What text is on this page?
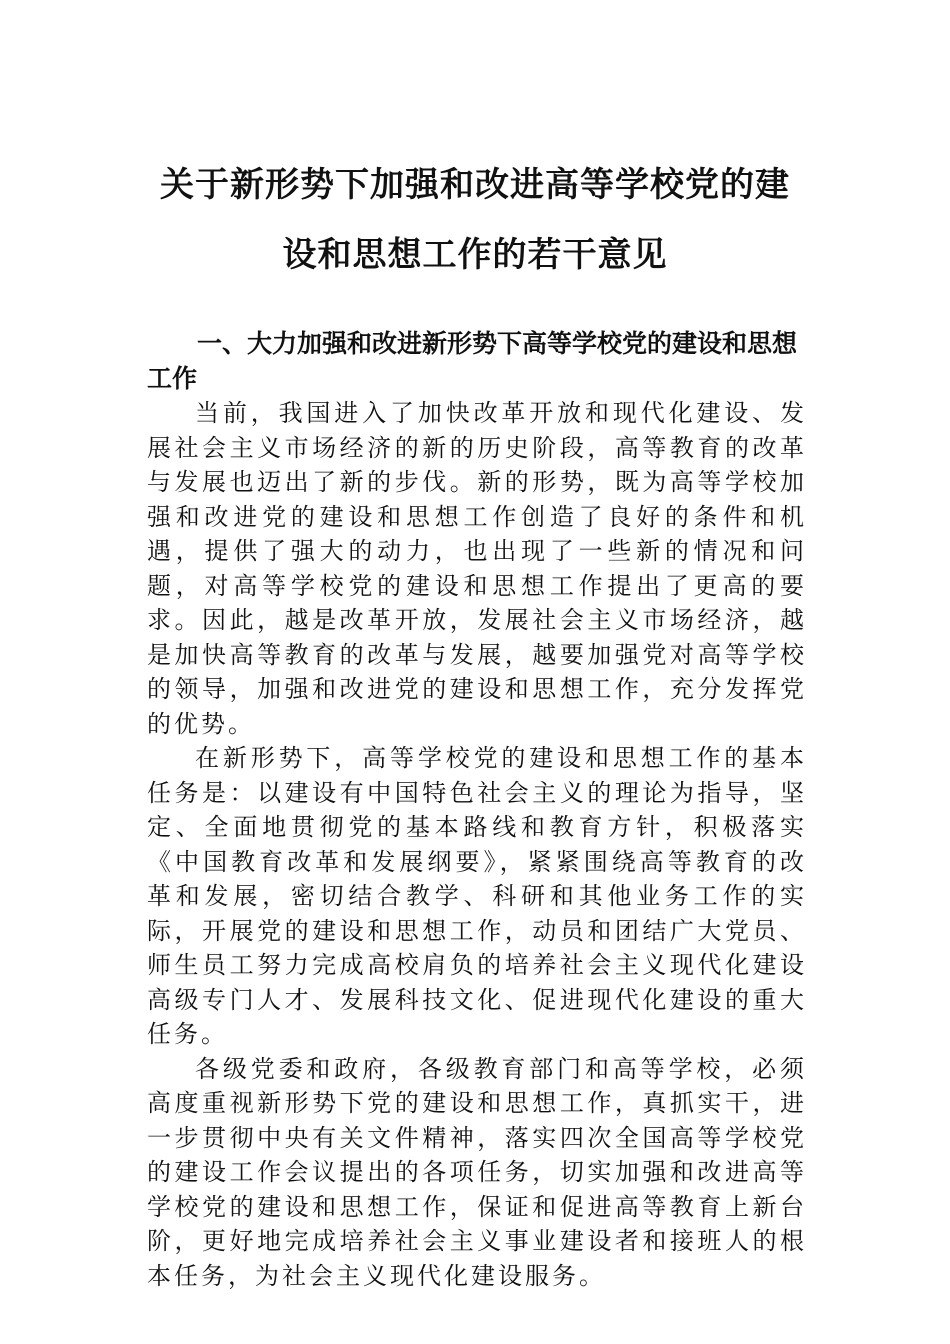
关于新形势下加强和改进高等学校党的建
设和思想工作的若干意见
一、大力加强和改进新形势下高等学校党的建设和思想工作

当前，我国进入了加快改革开放和现代化建设、发展社会主义市场经济的新的历史阶段，高等教育的改革与发展也迈出了新的步伐。新的形势，既为高等学校加强和改进党的建设和思想工作创造了良好的条件和机遇，提供了强大的动力，也出现了一些新的情况和问题，对高等学校党的建设和思想工作提出了更高的要求。因此，越是改革开放，发展社会主义市场经济，越是加快高等教育的改革与发展，越要加强党对高等学校的领导，加强和改进党的建设和思想工作，充分发挥党的优势。

在新形势下，高等学校党的建设和思想工作的基本任务是：以建设有中国特色社会主义的理论为指导，坚定、全面地贯彻党的基本路线和教育方针，积极落实《中国教育改革和发展纲要》，紧紧围绕高等教育的改革和发展，密切结合教学、科研和其他业务工作的实际，开展党的建设和思想工作，动员和团结广大党员、师生员工努力完成高校肩负的培养社会主义现代化建设高级专门人才、发展科技文化、促进现代化建设的重大任务。

各级党委和政府，各级教育部门和高等学校，必须高度重视新形势下党的建设和思想工作，真抓实干，进一步贯彻中央有关文件精神，落实四次全国高等学校党的建设工作会议提出的各项任务，切实加强和改进高等学校党的建设和思想工作，保证和促进高等教育上新台阶，更好地完成培养社会主义事业建设者和接班人的根本任务，为社会主义现代化建设服务。
